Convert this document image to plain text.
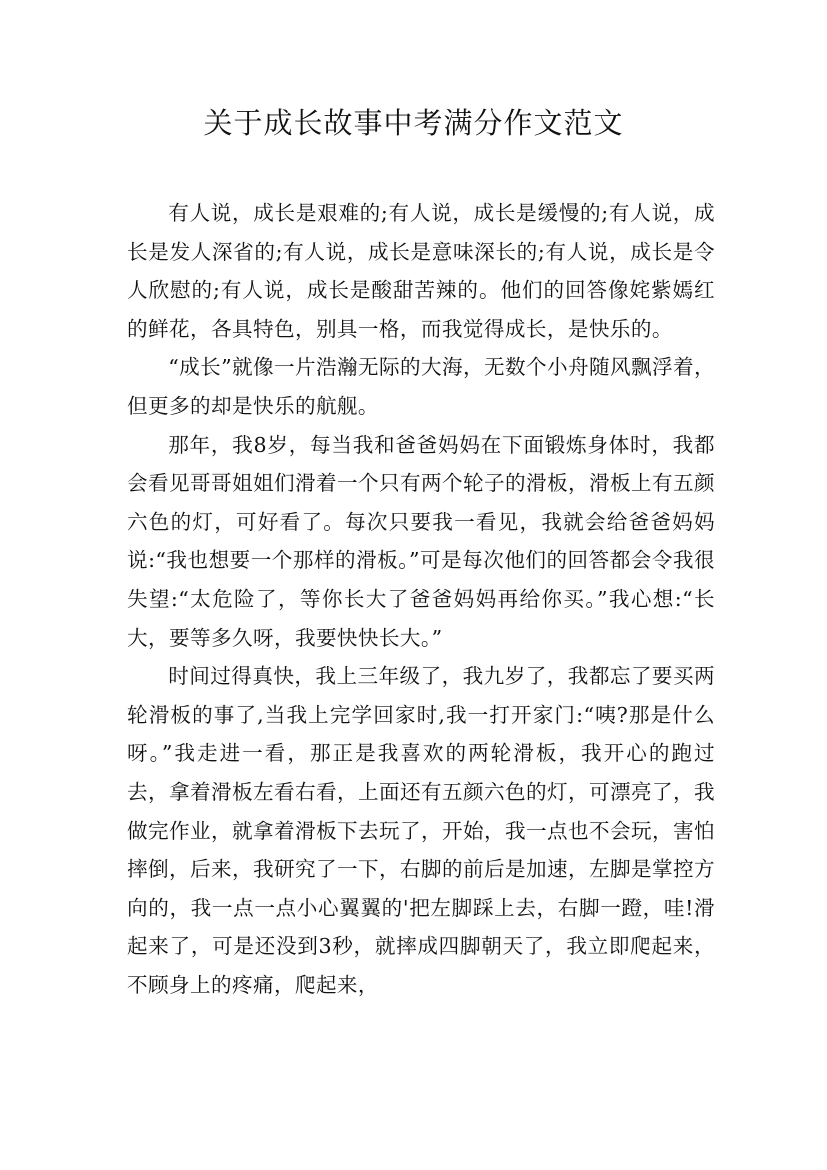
关于成长故事中考满分作文范文

有人说，成长是艰难的;有人说，成长是缓慢的;有人说，成长是发人深省的;有人说，成长是意味深长的;有人说，成长是令人欣慰的;有人说，成长是酸甜苦辣的。他们的回答像姹紫嫣红的鲜花，各具特色，别具一格，而我觉得成长，是快乐的。

“成长”就像一片浩瀚无际的大海，无数个小舟随风飘浮着，但更多的却是快乐的航舰。

那年，我8岁，每当我和爸爸妈妈在下面锻炼身体时，我都会看见哥哥姐姐们滑着一个只有两个轮子的滑板，滑板上有五颜六色的灯，可好看了。每次只要我一看见，我就会给爸爸妈妈说:“我也想要一个那样的滑板。”可是每次他们的回答都会令我很失望:“太危险了，等你长大了爸爸妈妈再给你买。”我心想:“长大，要等多久呀，我要快快长大。”

时间过得真快，我上三年级了，我九岁了，我都忘了要买两轮滑板的事了,当我上完学回家时,我一打开家门:“咦?那是什么呀。”我走进一看，那正是我喜欢的两轮滑板，我开心的跑过去，拿着滑板左看右看，上面还有五颜六色的灯，可漂亮了，我做完作业，就拿着滑板下去玩了，开始，我一点也不会玩，害怕摔倒，后来，我研究了一下，右脚的前后是加速，左脚是掌控方向的，我一点一点小心翼翼的'把左脚踩上去，右脚一蹬，哇!滑起来了，可是还没到3秒，就摔成四脚朝天了，我立即爬起来，不顾身上的疼痛，爬起来，
